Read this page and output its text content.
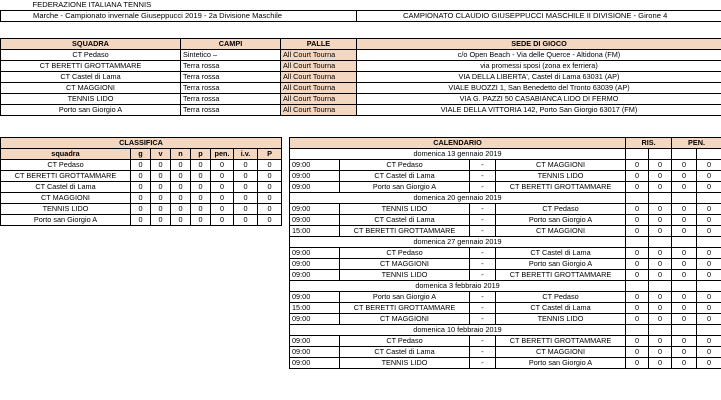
FEDERAZIONE ITALIANA TENNIS	
Marche - Campionato invernale Giuseppucci 2019 - 2a Divisione Maschile	CAMPIONATO CLAUDIO GIUSEPPUCCI MASCHILE II DIVISIONE - Girone 4
SQUADRA	CAMPI	PALLE	SEDE DI GIOCO
CT Pedaso	Sintetico –	All Court Tourna	c/o Open Beach - Via delle Querce - Altidona (FM)
CT BERETTI GROTTAMMARE	Terra rossa	All Court Tourna	via promessi sposi (zona ex ferriera)
CT Castel di Lama	Terra rossa	All Court Tourna	VIA DELLA LIBERTA', Castel di Lama 63031 (AP)
CT MAGGIONI	Terra rossa	All Court Tourna	VIALE BUOZZI 1, San Benedetto del Tronto 63039 (AP)
TENNIS LIDO	Terra rossa	All Court Tourna	VIA G. PAZZI 50 CASABIANCA LIDO DI FERMO
Porto san Giorgio A	Terra rossa	All Court Tourna	VIALE DELLA VITTORIA 142, Porto San Giorgio 63017 (FM)
CLASSIFICA							
squadra	g	v	n	p	pen.	i.v.	P
CT Pedaso	0	0	0	0	0	0	0
CT BERETTI GROTTAMMARE	0	0	0	0	0	0	0
CT Castel di Lama	0	0	0	0	0	0	0
CT MAGGIONI	0	0	0	0	0	0	0
TENNIS LIDO	0	0	0	0	0	0	0
Porto san Giorgio A	0	0	0	0	0	0	0
CALENDARIO				RIS.		PEN.	
domenica 13 gennaio 2019							
09:00	CT Pedaso	-	CT MAGGIONI	0	0	0	0
09:00	CT Castel di Lama	-	TENNIS LIDO	0	0	0	0
09:00	Porto san Giorgio A	-	CT BERETTI GROTTAMMARE	0	0	0	0
domenica 20 gennaio 2019							
09:00	TENNIS LIDO	-	CT Pedaso	0	0	0	0
09:00	CT Castel di Lama	-	Porto san Giorgio A	0	0	0	0
15:00	CT BERETTI GROTTAMMARE	-	CT MAGGIONI	0	0	0	0
domenica 27 gennaio 2019							
09:00	CT Pedaso	-	CT Castel di Lama	0	0	0	0
09:00	CT MAGGIONI	-	Porto san Giorgio A	0	0	0	0
09:00	TENNIS LIDO	-	CT BERETTI GROTTAMMARE	0	0	0	0
domenica 3 febbraio 2019							
09:00	Porto san Giorgio A	-	CT Pedaso	0	0	0	0
15:00	CT BERETTI GROTTAMMARE	-	CT Castel di Lama	0	0	0	0
09:00	CT MAGGIONI	-	TENNIS LIDO	0	0	0	0
domenica 10 febbraio 2019							
09:00	CT Pedaso	-	CT BERETTI GROTTAMMARE	0	0	0	0
09:00	CT Castel di Lama	-	CT MAGGIONI	0	0	0	0
09:00	TENNIS LIDO	-	Porto san Giorgio A	0	0	0	0
